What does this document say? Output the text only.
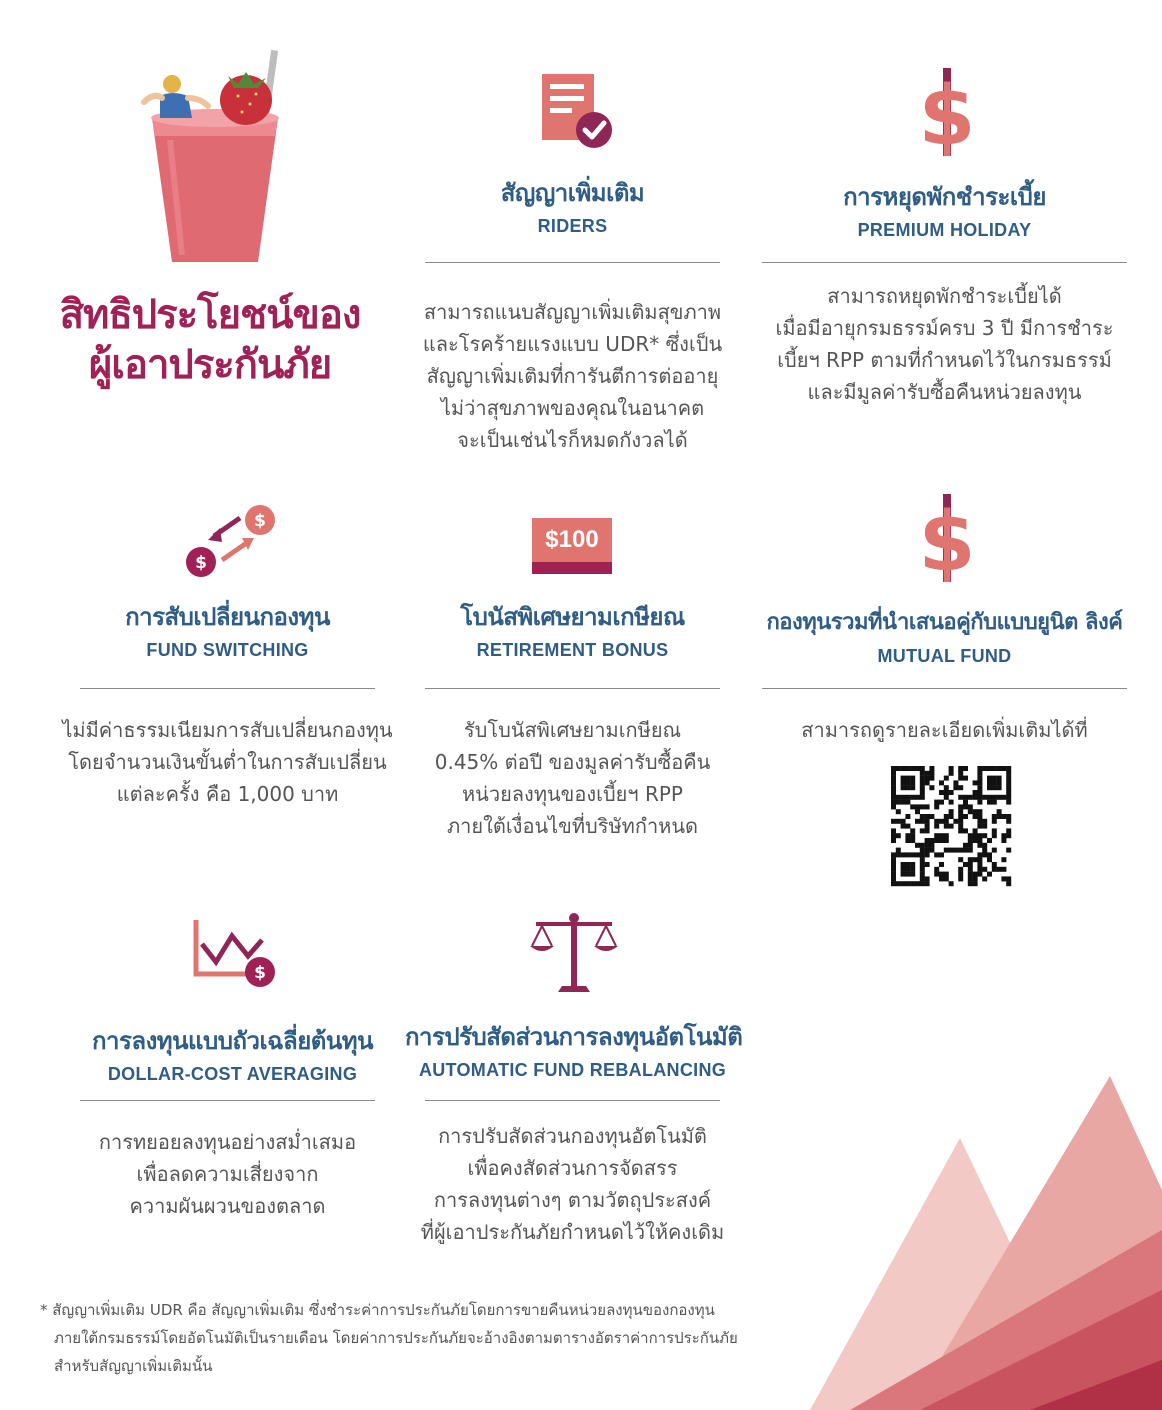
สิทธิประโยชน์ของ
ผู้เอาประกันภัย
สัญญาเพิ่มเติม
RIDERS
สามารถแนบสัญญาเพิ่มเติมสุขภาพ
และโรคร้ายแรงแบบ UDR* ซึ่งเป็น
สัญญาเพิ่มเติมที่การันตีการต่ออายุ
ไม่ว่าสุขภาพของคุณในอนาคต
จะเป็นเช่นไรก็หมดกังวลได้
$
การหยุดพักชำระเบี้ย
PREMIUM HOLIDAY
สามารถหยุดพักชำระเบี้ยได้
เมื่อมีอายุกรมธรรม์ครบ 3 ปี มีการชำระ
เบี้ยฯ RPP ตามที่กำหนดไว้ในกรมธรรม์
และมีมูลค่ารับซื้อคืนหน่วยลงทุน
$
$
การสับเปลี่ยนกองทุน
FUND SWITCHING
ไม่มีค่าธรรมเนียมการสับเปลี่ยนกองทุน
โดยจำนวนเงินขั้นต่ำในการสับเปลี่ยน
แต่ละครั้ง คือ 1,000 บาท
$100
โบนัสพิเศษยามเกษียณ
RETIREMENT BONUS
รับโบนัสพิเศษยามเกษียณ
0.45% ต่อปี ของมูลค่ารับซื้อคืน
หน่วยลงทุนของเบี้ยฯ RPP
ภายใต้เงื่อนไขที่บริษัทกำหนด
$
กองทุนรวมที่นำเสนอคู่กับแบบยูนิต ลิงค์
MUTUAL FUND
สามารถดูรายละเอียดเพิ่มเติมได้ที่
$
การลงทุนแบบถัวเฉลี่ยต้นทุน
DOLLAR-COST AVERAGING
การทยอยลงทุนอย่างสม่ำเสมอ
เพื่อลดความเสี่ยงจาก
ความผันผวนของตลาด
การปรับสัดส่วนการลงทุนอัตโนมัติ
AUTOMATIC FUND REBALANCING
การปรับสัดส่วนกองทุนอัตโนมัติ
เพื่อคงสัดส่วนการจัดสรร
การลงทุนต่างๆ ตามวัตถุประสงค์
ที่ผู้เอาประกันภัยกำหนดไว้ให้คงเดิม
* สัญญาเพิ่มเติม UDR คือ สัญญาเพิ่มเติม ซึ่งชำระค่าการประกันภัยโดยการขายคืนหน่วยลงทุนของกองทุน
ภายใต้กรมธรรม์โดยอัตโนมัติเป็นรายเดือน โดยค่าการประกันภัยจะอ้างอิงตามตารางอัตราค่าการประกันภัย
สำหรับสัญญาเพิ่มเติมนั้น
